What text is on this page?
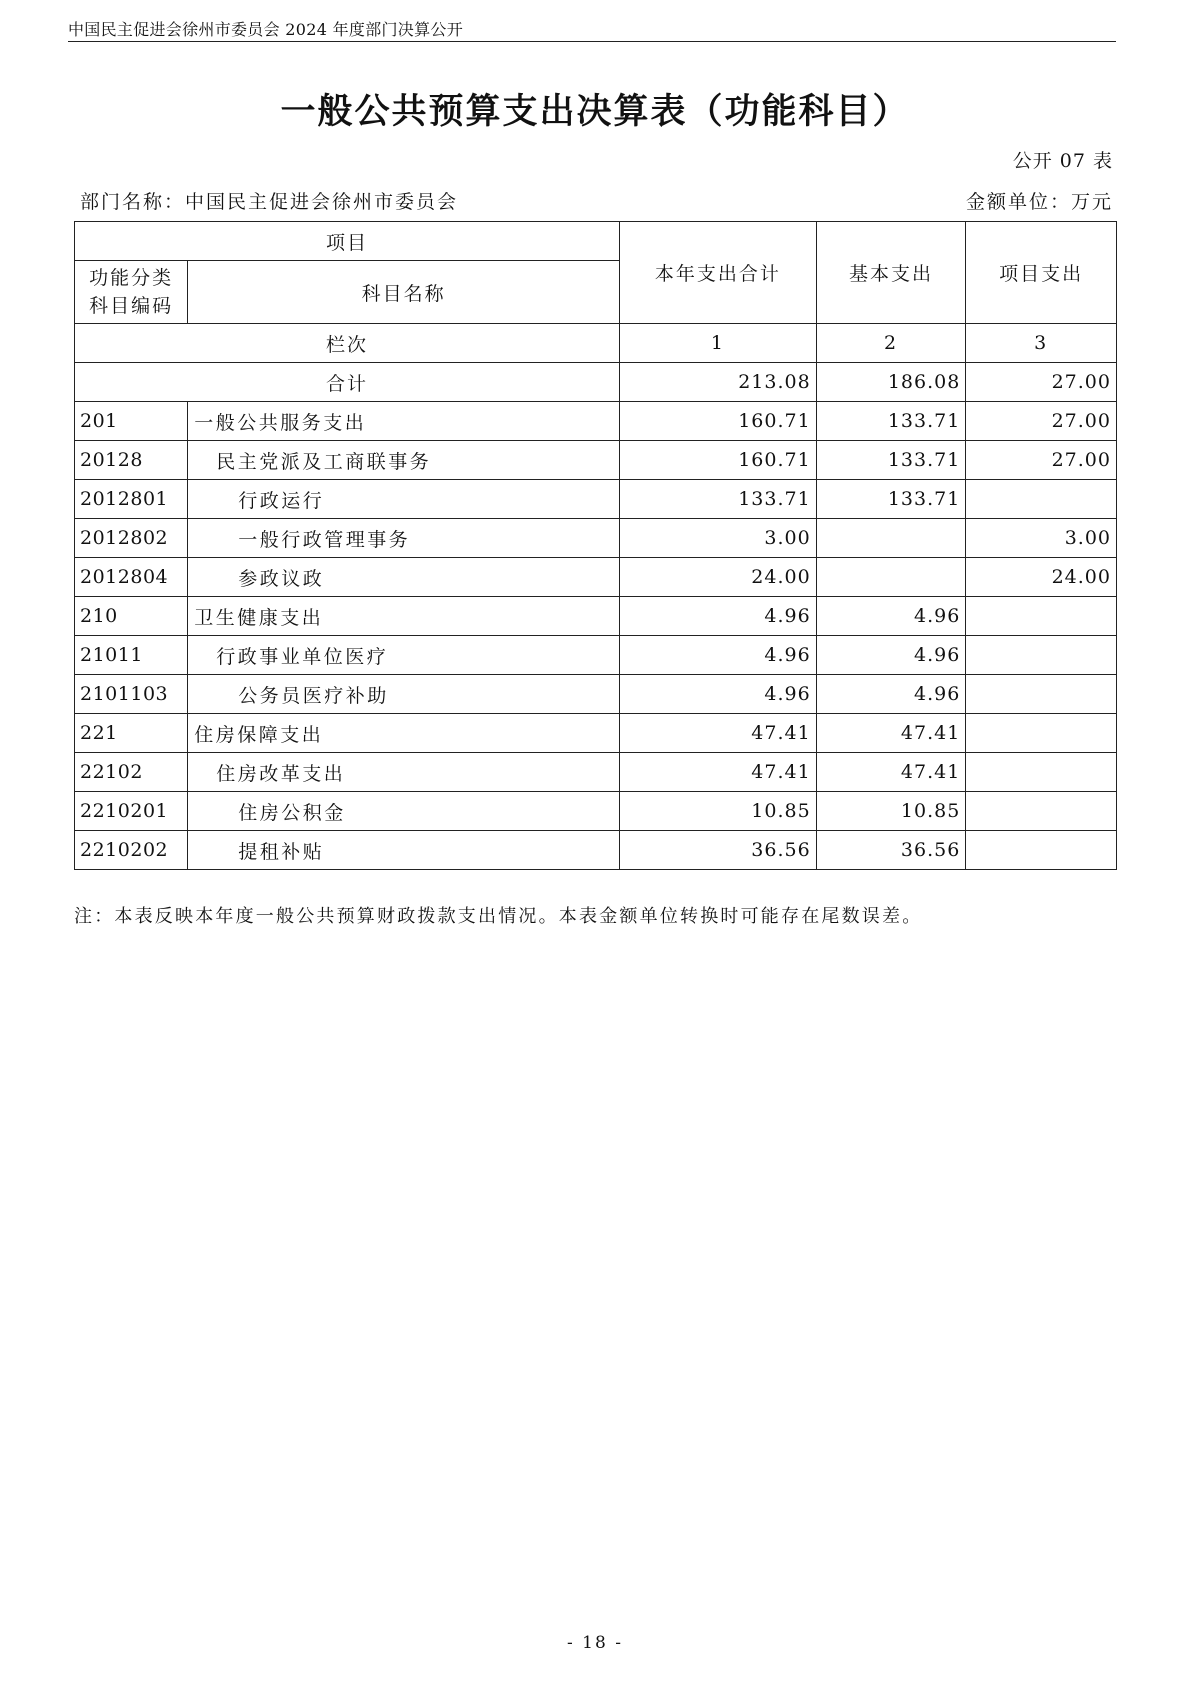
中国民主促进会徐州市委员会 2024 年度部门决算公开
一般公共预算支出决算表（功能科目）
公开 07 表
部门名称：中国民主促进会徐州市委员会	金额单位：万元
项目		本年支出合计	基本支出	项目支出
功能分类科目编码	科目名称			
栏次		1	2	3
合计		213.08	186.08	27.00
201	一般公共服务支出	160.71	133.71	27.00
20128	民主党派及工商联事务	160.71	133.71	27.00
2012801	行政运行	133.71	133.71	
2012802	一般行政管理事务	3.00		3.00
2012804	参政议政	24.00		24.00
210	卫生健康支出	4.96	4.96	
21011	行政事业单位医疗	4.96	4.96	
2101103	公务员医疗补助	4.96	4.96	
221	住房保障支出	47.41	47.41	
22102	住房改革支出	47.41	47.41	
2210201	住房公积金	10.85	10.85	
2210202	提租补贴	36.56	36.56	
注：本表反映本年度一般公共预算财政拨款支出情况。本表金额单位转换时可能存在尾数误差。
- 18 -
